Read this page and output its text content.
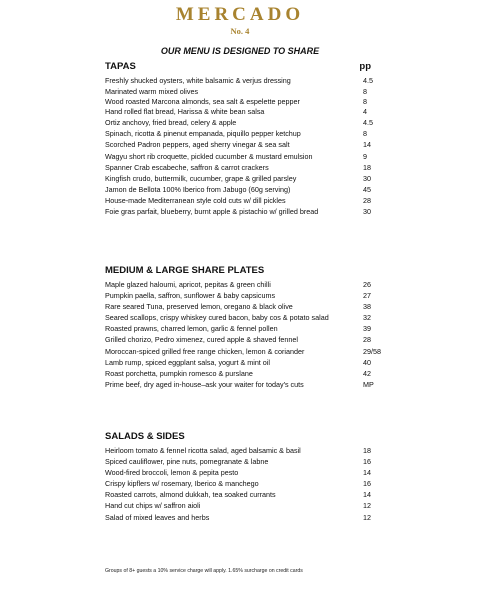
MERCADO
No. 4
OUR MENU IS DESIGNED TO SHARE
TAPAS	pp
Freshly shucked oysters, white balsamic & verjus dressing	4.5
Marinated warm mixed olives	8
Wood roasted Marcona almonds, sea salt & espelette pepper	8
Hand rolled flat bread, Harissa & white bean salsa	4
Ortiz anchovy, fried bread, celery & apple	4.5
Spinach, ricotta & pinenut empanada, piquillo pepper ketchup	8
Scorched Padron peppers, aged sherry vinegar & sea salt	14
Wagyu short rib croquette, pickled cucumber & mustard emulsion	9
Spanner Crab escabeche, saffron & carrot crackers	18
Kingfish crudo, buttermilk, cucumber, grape & grilled parsley	30
Jamon de Bellota 100% Iberico from Jabugo (60g serving)	45
House-made Mediterranean style cold cuts w/ dill pickles	28
Foie gras parfait, blueberry, burnt apple & pistachio w/ grilled bread	30
MEDIUM & LARGE SHARE PLATES
Maple glazed haloumi, apricot, pepitas & green chilli	26
Pumpkin paella, saffron, sunflower & baby capsicums	27
Rare seared Tuna, preserved lemon, oregano & black olive	38
Seared scallops, crispy whiskey cured bacon, baby cos & potato salad	32
Roasted prawns, charred lemon, garlic & fennel pollen	39
Grilled chorizo, Pedro ximenez, cured apple & shaved fennel	28
Moroccan-spiced grilled free range chicken, lemon & coriander	29/58
Lamb rump, spiced eggplant salsa, yogurt & mint oil	40
Roast porchetta, pumpkin romesco & purslane	42
Prime beef, dry aged in-house–ask your waiter for today's cuts	MP
SALADS & SIDES
Heirloom tomato & fennel ricotta salad, aged balsamic & basil	18
Spiced cauliflower, pine nuts, pomegranate & labne	16
Wood-fired broccoli, lemon & pepita pesto	14
Crispy kipflers w/ rosemary, Iberico & manchego	16
Roasted carrots, almond dukkah, tea soaked currants	14
Hand cut chips w/ saffron aioli	12
Salad of mixed leaves and herbs	12
Groups of 8+ guests a 10% service charge will apply. 1.65% surcharge on credit cards
